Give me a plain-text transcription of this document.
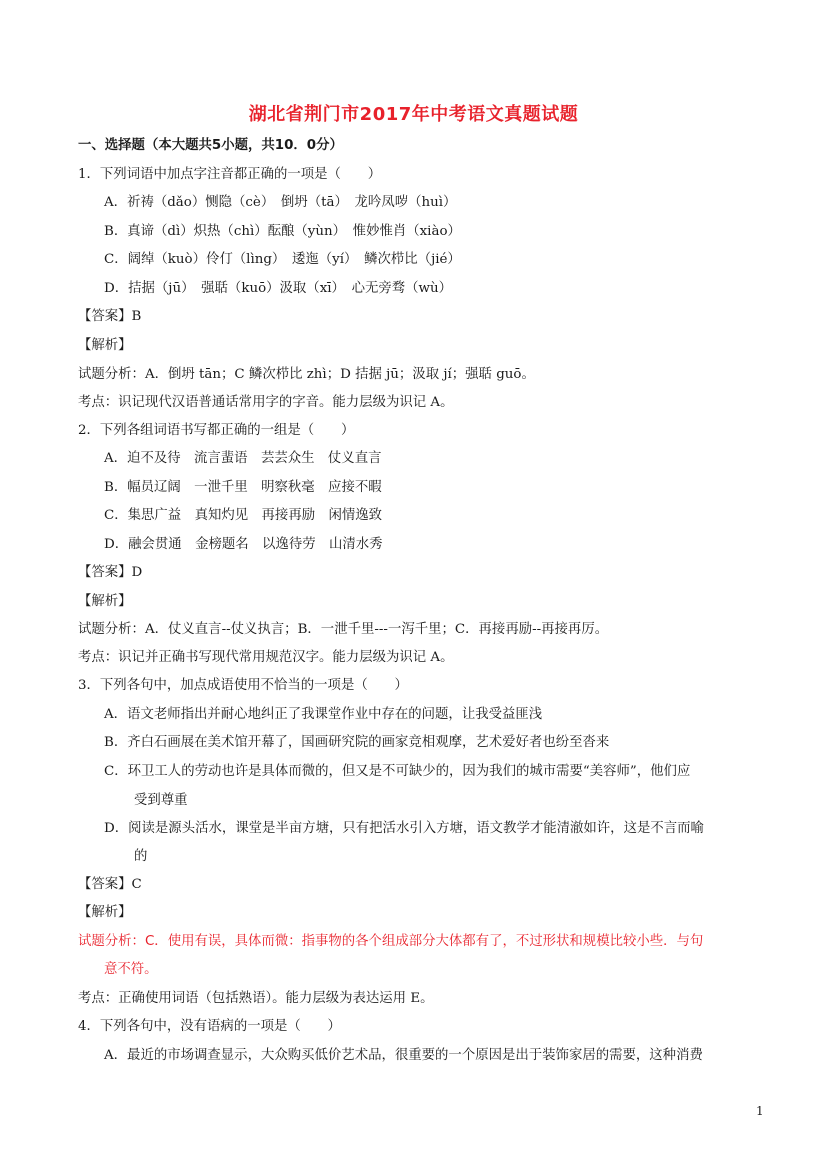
湖北省荆门市2017年中考语文真题试题
一、选择题（本大题共5小题，共10．0分）
1．下列词语中加点字注音都正确的一项是（　　）
A．祈祷（dǎo）恻隐（cè）　倒坍（tā）　龙吟凤哕（huì）
B．真谛（dì）炽热（chì）酝酿（yùn）　惟妙惟肖（xiào）
C．阔绰（kuò）伶仃（lìng）　逶迤（yí）　鳞次栉比（jié）
D．拮据（jū）　强聒（kuō）汲取（xī）　心无旁骛（wù）
【答案】B
【解析】
试题分析：A．倒坍 tān；C 鳞次栉比 zhì；D 拮据 jū；汲取 jí；强聒 guō。
考点：识记现代汉语普通话常用字的字音。能力层级为识记 A。
2．下列各组词语书写都正确的一组是（　　）
A．迫不及待　流言蜚语　芸芸众生　仗义直言
B．幅员辽阔　一泄千里　明察秋毫　应接不暇
C．集思广益　真知灼见　再接再励　闲情逸致
D．融会贯通　金榜题名　以逸待劳　山清水秀
【答案】D
【解析】
试题分析：A．仗义直言--仗义执言；B．一泄千里---一泻千里；C．再接再励--再接再厉。
考点：识记并正确书写现代常用规范汉字。能力层级为识记 A。
3．下列各句中，加点成语使用不恰当的一项是（　　）
A．语文老师指出并耐心地纠正了我课堂作业中存在的问题，让我受益匪浅
B．齐白石画展在美术馆开幕了，国画研究院的画家竞相观摩，艺术爱好者也纷至沓来
C．环卫工人的劳动也许是具体而微的，但又是不可缺少的，因为我们的城市需要“美容师”，他们应
受到尊重
D．阅读是源头活水，课堂是半亩方塘，只有把活水引入方塘，语文教学才能清澈如许，这是不言而喻
的
【答案】C
【解析】
试题分析：C．使用有误，具体而微：指事物的各个组成部分大体都有了，不过形状和规模比较小些．与句
意不符。
考点：正确使用词语（包括熟语）。能力层级为表达运用 E。
4．下列各句中，没有语病的一项是（　　）
A．最近的市场调查显示，大众购买低价艺术品，很重要的一个原因是出于装饰家居的需要，这种消费
1
